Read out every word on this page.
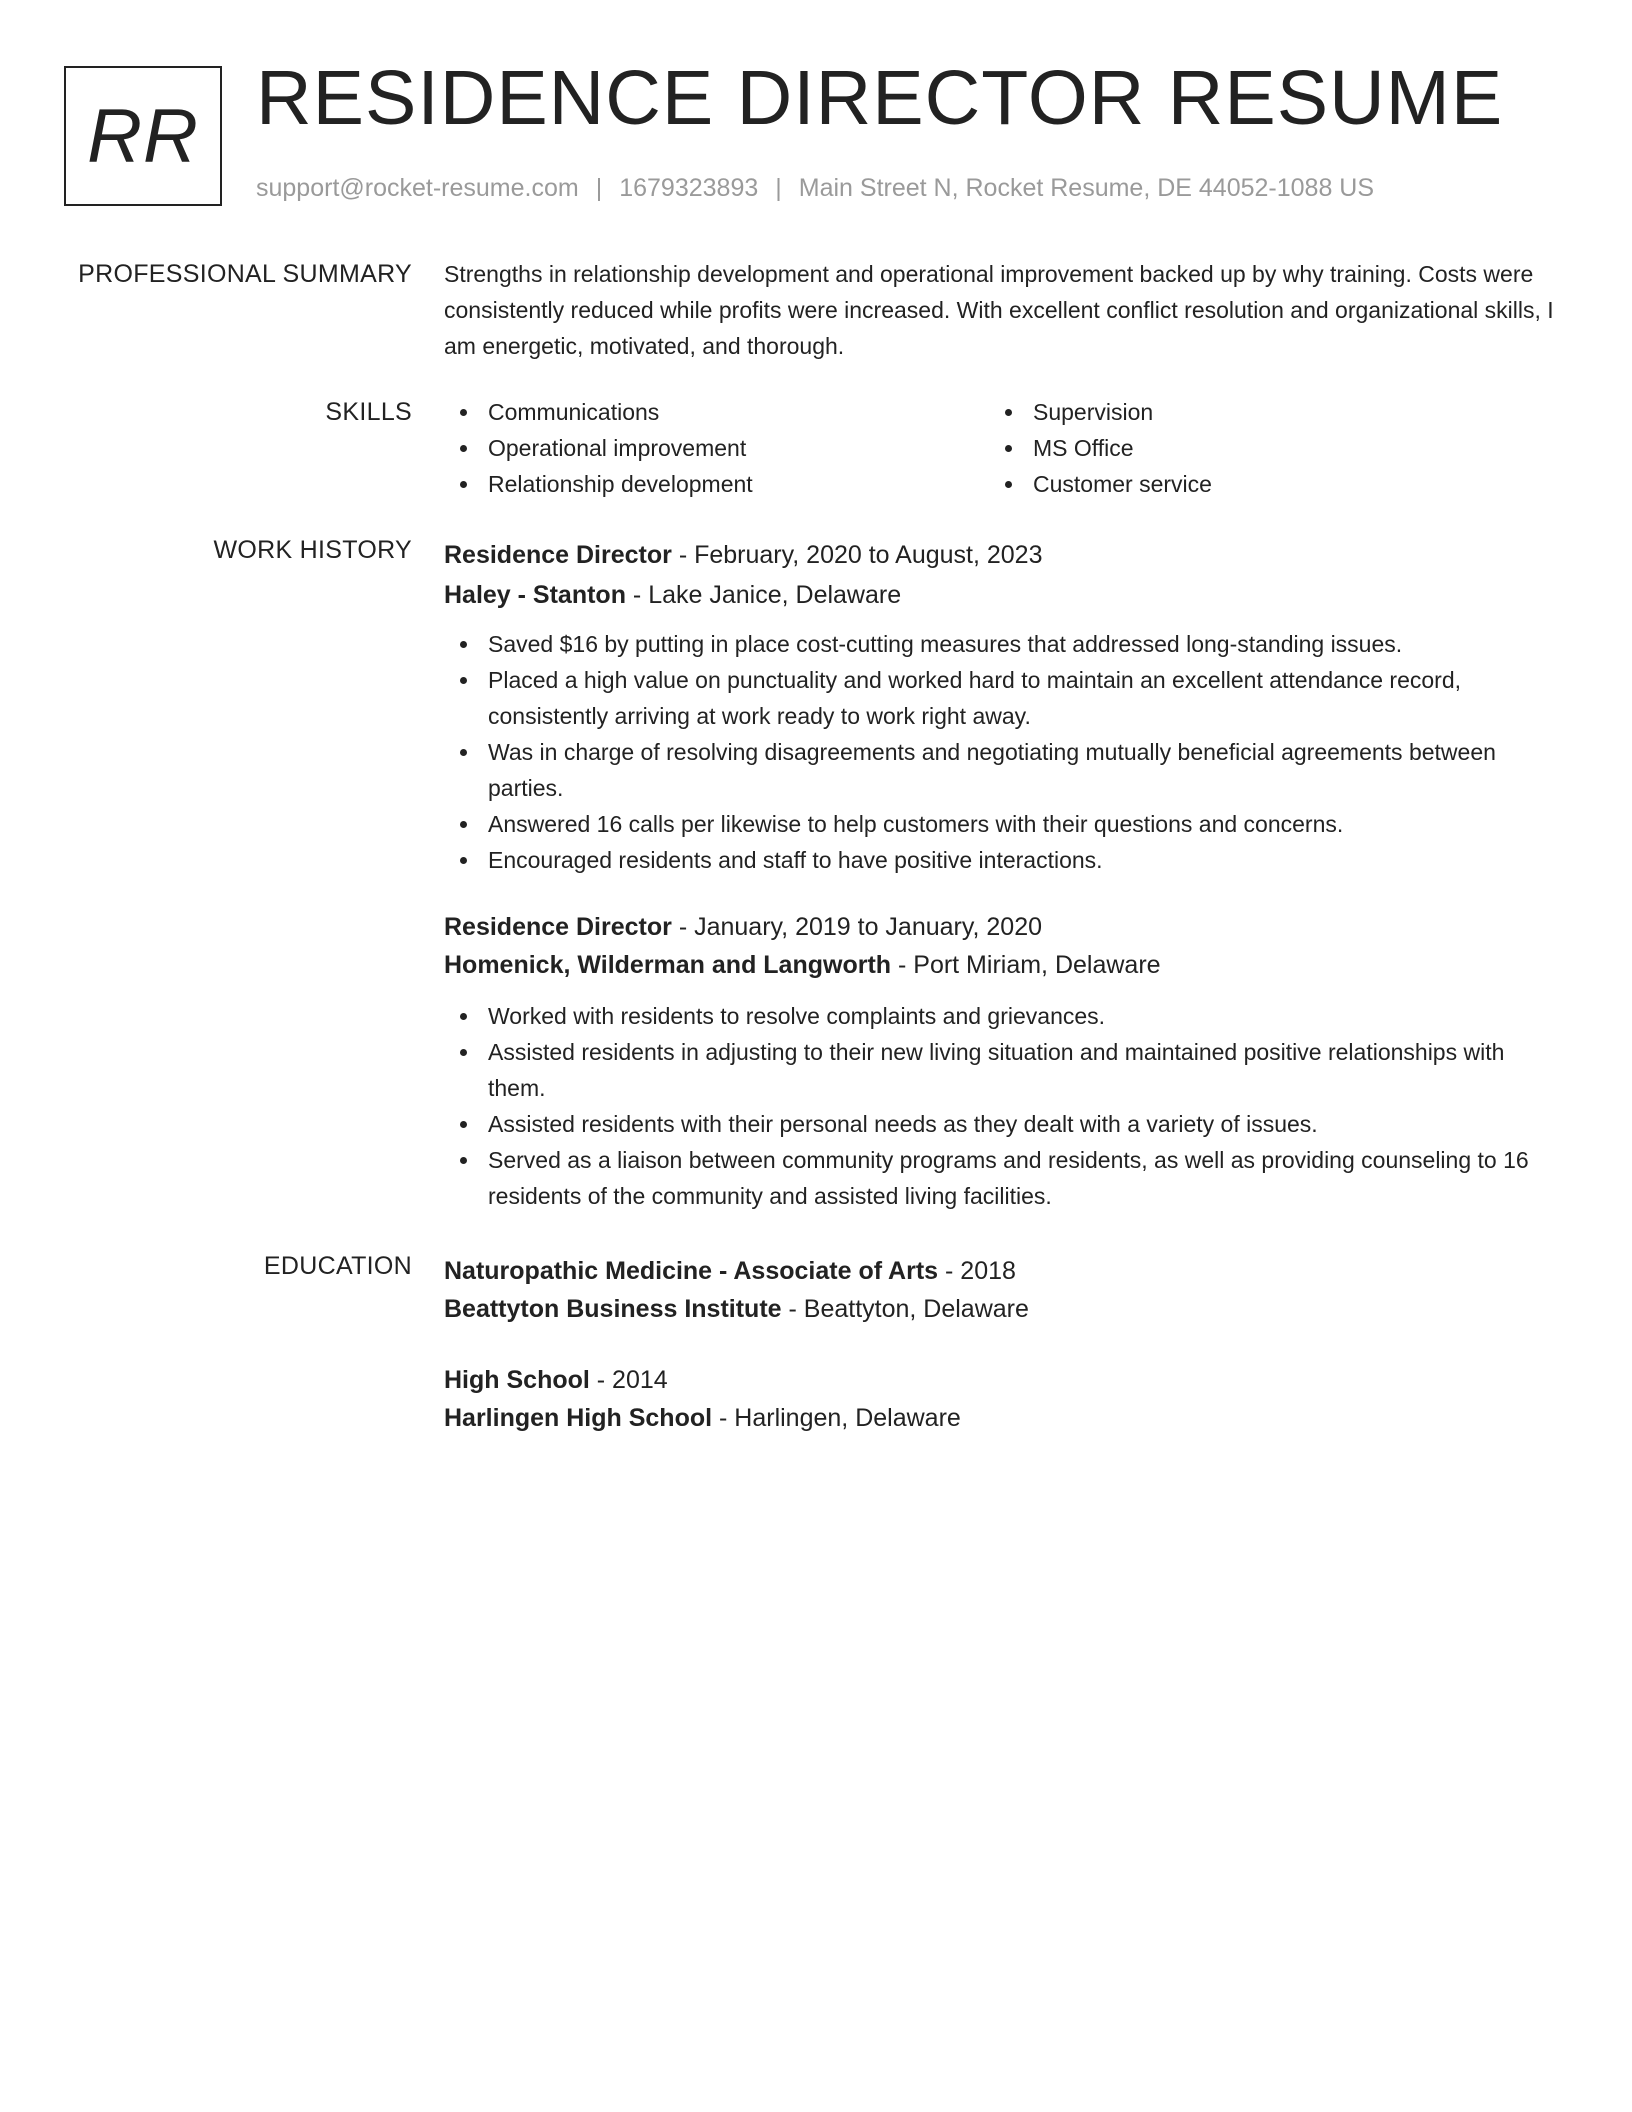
RR RESIDENCE DIRECTOR RESUME
support@rocket-resume.com | 1679323893 | Main Street N, Rocket Resume, DE 44052-1088 US
PROFESSIONAL SUMMARY Strengths in relationship development and operational improvement backed up by why training. Costs were consistently reduced while profits were increased. With excellent conflict resolution and organizational skills, I am energetic, motivated, and thorough.

SKILLS	Communications
Operational improvement
Relationship development
Supervision
MS Office
Customer service
WORK HISTORY Residence Director - February, 2020 to August, 2023
Haley - Stanton - Lake Janice, Delaware
Saved $16 by putting in place cost-cutting measures that addressed long-standing issues.
Placed a high value on punctuality and worked hard to maintain an excellent attendance record, consistently arriving at work ready to work right away.
Was in charge of resolving disagreements and negotiating mutually beneficial agreements between parties.
Answered 16 calls per likewise to help customers with their questions and concerns.
Encouraged residents and staff to have positive interactions.
Residence Director - January, 2019 to January, 2020
Homenick, Wilderman and Langworth - Port Miriam, Delaware
Worked with residents to resolve complaints and grievances.
Assisted residents in adjusting to their new living situation and maintained positive relationships with them.
Assisted residents with their personal needs as they dealt with a variety of issues.
Served as a liaison between community programs and residents, as well as providing counseling to 16 residents of the community and assisted living facilities.
EDUCATION Naturopathic Medicine - Associate of Arts - 2018
Beattyton Business Institute - Beattyton, Delaware
High School - 2014
Harlingen High School - Harlingen, Delaware
